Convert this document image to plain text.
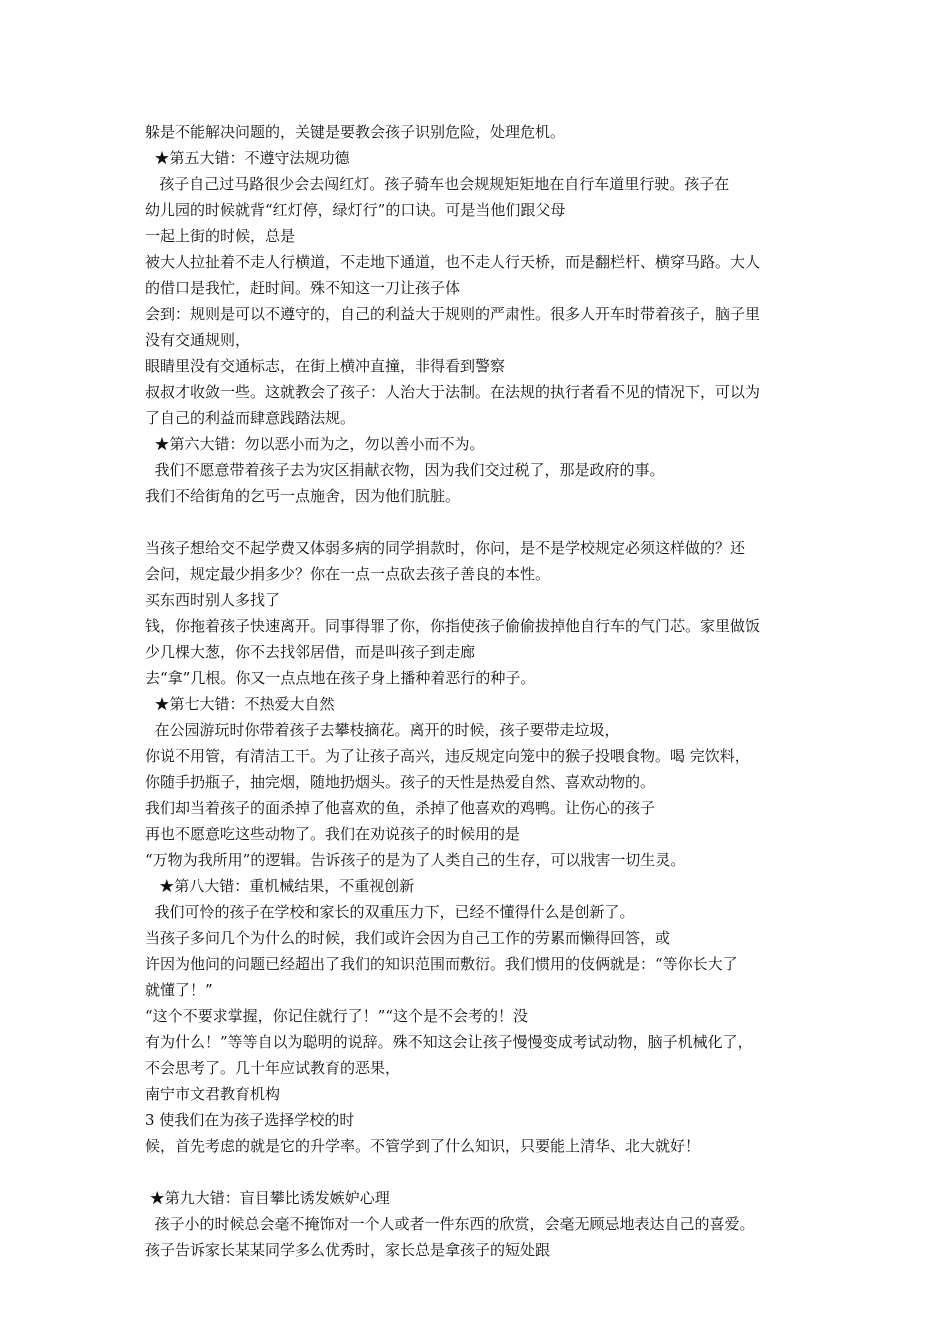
躲是不能解决问题的，关键是要教会孩子识别危险，处理危机。
★第五大错：不遵守法规功德
孩子自己过马路很少会去闯红灯。孩子骑车也会规规矩矩地在自行车道里行驶。孩子在
幼儿园的时候就背“红灯停，绿灯行”的口诀。可是当他们跟父母
一起上街的时候，总是
被大人拉扯着不走人行横道，不走地下通道，也不走人行天桥，而是翻栏杆、横穿马路。大人
的借口是我忙，赶时间。殊不知这一刀让孩子体
会到：规则是可以不遵守的，自己的利益大于规则的严肃性。很多人开车时带着孩子，脑子里
没有交通规则，
眼睛里没有交通标志，在街上横冲直撞，非得看到警察
叔叔才收敛一些。这就教会了孩子：人治大于法制。在法规的执行者看不见的情况下，可以为
了自己的利益而肆意践踏法规。
★第六大错：勿以恶小而为之，勿以善小而不为。
我们不愿意带着孩子去为灾区捐献衣物，因为我们交过税了，那是政府的事。
我们不给街角的乞丐一点施舍，因为他们肮脏。
当孩子想给交不起学费又体弱多病的同学捐款时，你问，是不是学校规定必须这样做的？还
会问，规定最少捐多少？你在一点一点砍去孩子善良的本性。
买东西时别人多找了
钱，你拖着孩子快速离开。同事得罪了你，你指使孩子偷偷拔掉他自行车的气门芯。家里做饭
少几棵大葱，你不去找邻居借，而是叫孩子到走廊
去“拿”几根。你又一点点地在孩子身上播种着恶行的种子。
★第七大错：不热爱大自然
在公园游玩时你带着孩子去攀枝摘花。离开的时候，孩子要带走垃圾，
你说不用管，有清洁工干。为了让孩子高兴，违反规定向笼中的猴子投喂食物。喝 完饮料，
你随手扔瓶子，抽完烟，随地扔烟头。孩子的天性是热爱自然、喜欢动物的。
我们却当着孩子的面杀掉了他喜欢的鱼，杀掉了他喜欢的鸡鸭。让伤心的孩子
再也不愿意吃这些动物了。我们在劝说孩子的时候用的是
“万物为我所用”的逻辑。告诉孩子的是为了人类自己的生存，可以戕害一切生灵。
★第八大错：重机械结果，不重视创新
我们可怜的孩子在学校和家长的双重压力下，已经不懂得什么是创新了。
当孩子多问几个为什么的时候，我们或许会因为自己工作的劳累而懒得回答，或
许因为他问的问题已经超出了我们的知识范围而敷衍。我们惯用的伎俩就是：“等你长大了
就懂了！”
“这个不要求掌握，你记住就行了！”“这个是不会考的！没
有为什么！”等等自以为聪明的说辞。殊不知这会让孩子慢慢变成考试动物，脑子机械化了，
不会思考了。几十年应试教育的恶果，
南宁市文君教育机构
3 使我们在为孩子选择学校的时
候，首先考虑的就是它的升学率。不管学到了什么知识，只要能上清华、北大就好！
★第九大错：盲目攀比诱发嫉妒心理
孩子小的时候总会毫不掩饰对一个人或者一件东西的欣赏，会毫无顾忌地表达自己的喜爱。
孩子告诉家长某某同学多么优秀时，家长总是拿孩子的短处跟
